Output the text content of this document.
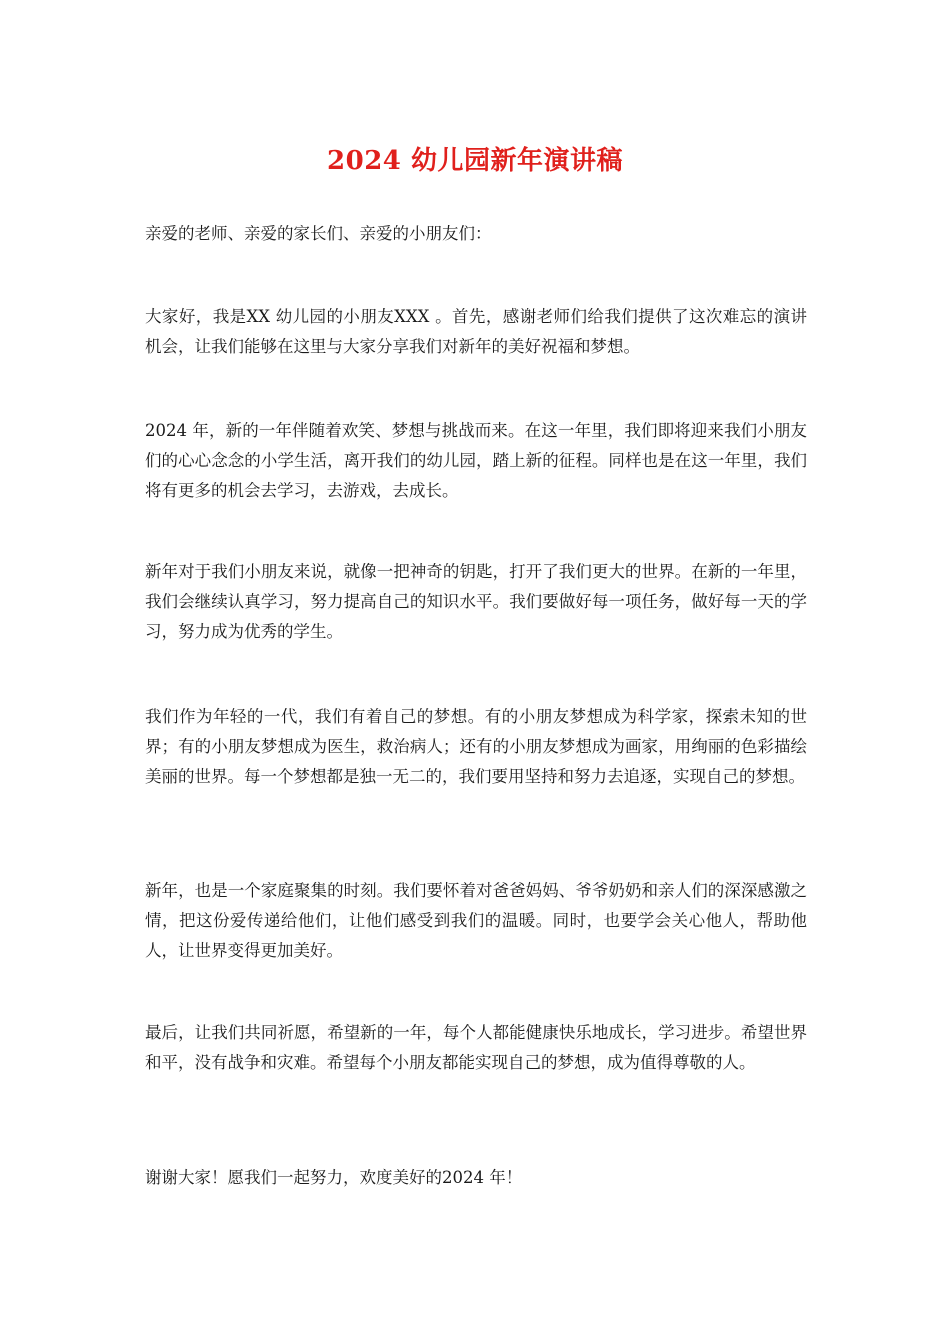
2024 幼儿园新年演讲稿

亲爱的老师、亲爱的家长们、亲爱的小朋友们：

大家好，我是XX 幼儿园的小朋友XXX 。首先，感谢老师们给我们提供了这次难忘的演讲机会，让我们能够在这里与大家分享我们对新年的美好祝福和梦想。

2024 年，新的一年伴随着欢笑、梦想与挑战而来。在这一年里，我们即将迎来我们小朋友们的心心念念的小学生活，离开我们的幼儿园，踏上新的征程。同样也是在这一年里，我们将有更多的机会去学习，去游戏，去成长。

新年对于我们小朋友来说，就像一把神奇的钥匙，打开了我们更大的世界。在新的一年里，我们会继续认真学习，努力提高自己的知识水平。我们要做好每一项任务，做好每一天的学习，努力成为优秀的学生。

我们作为年轻的一代，我们有着自己的梦想。有的小朋友梦想成为科学家，探索未知的世界；有的小朋友梦想成为医生，救治病人；还有的小朋友梦想成为画家，用绚丽的色彩描绘美丽的世界。每一个梦想都是独一无二的，我们要用坚持和努力去追逐，实现自己的梦想。

新年，也是一个家庭聚集的时刻。我们要怀着对爸爸妈妈、爷爷奶奶和亲人们的深深感激之情，把这份爱传递给他们，让他们感受到我们的温暖。同时，也要学会关心他人，帮助他人，让世界变得更加美好。

最后，让我们共同祈愿，希望新的一年，每个人都能健康快乐地成长，学习进步。希望世界和平，没有战争和灾难。希望每个小朋友都能实现自己的梦想，成为值得尊敬的人。

谢谢大家！愿我们一起努力，欢度美好的2024 年！
